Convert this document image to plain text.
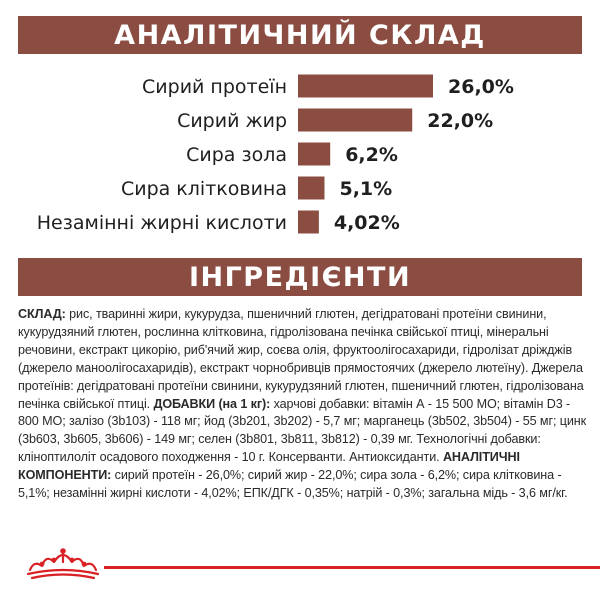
АНАЛІТИЧНИЙ СКЛАД
Сирий протеїн	26,0%
Сирий жир	22,0%
Сира зола	6,2%
Сира клітковина	5,1%
Незамінні жирні кислоти 4,02%
ІНГРЕДІЄНТИ
СКЛАД: рис, тваринні жири, кукурудза, пшеничний глютен, дегідратовані протеїни свинини, кукурудзяний глютен, рослинна клітковина, гідролізована печінка свійської птиці, мінеральні речовини, екстракт цикорію, риб'ячий жир, соєва олія, фруктоолігосахариди, гідролізат дріжджів (джерело маноолігосахаридів), екстракт чорнобривців прямостоячих (джерело лютеїну). Джерела протеїнів: дегідратовані протеїни свинини, кукурудзяний глютен, пшеничний глютен, гідролізована печінка свійської птиці. ДОБАВКИ (на 1 кг): харчові добавки: вітамін А - 15 500 МО; вітамін D3 - 800 МО; залізо (3b103) - 118 мг; йод (3b201, 3b202) - 5,7 мг; марганець (3b502, 3b504) - 55 мг; цинк (3b603, 3b605, 3b606) - 149 мг; селен (3b801, 3b811, 3b812) - 0,39 мг. Технологічні добавки: клінoптилоліт осадового походження - 10 г. Консерванти. Антиоксиданти. АНАЛІТИЧНІ КОМПОНЕНТИ: сирий протеїн - 26,0%; сирий жир - 22,0%; сира зола - 6,2%; сира клітковина - 5,1%; незамінні жирні кислоти - 4,02%; ЕПК/ДГК - 0,35%; натрій - 0,3%; загальна мідь - 3,6 мг/кг.
